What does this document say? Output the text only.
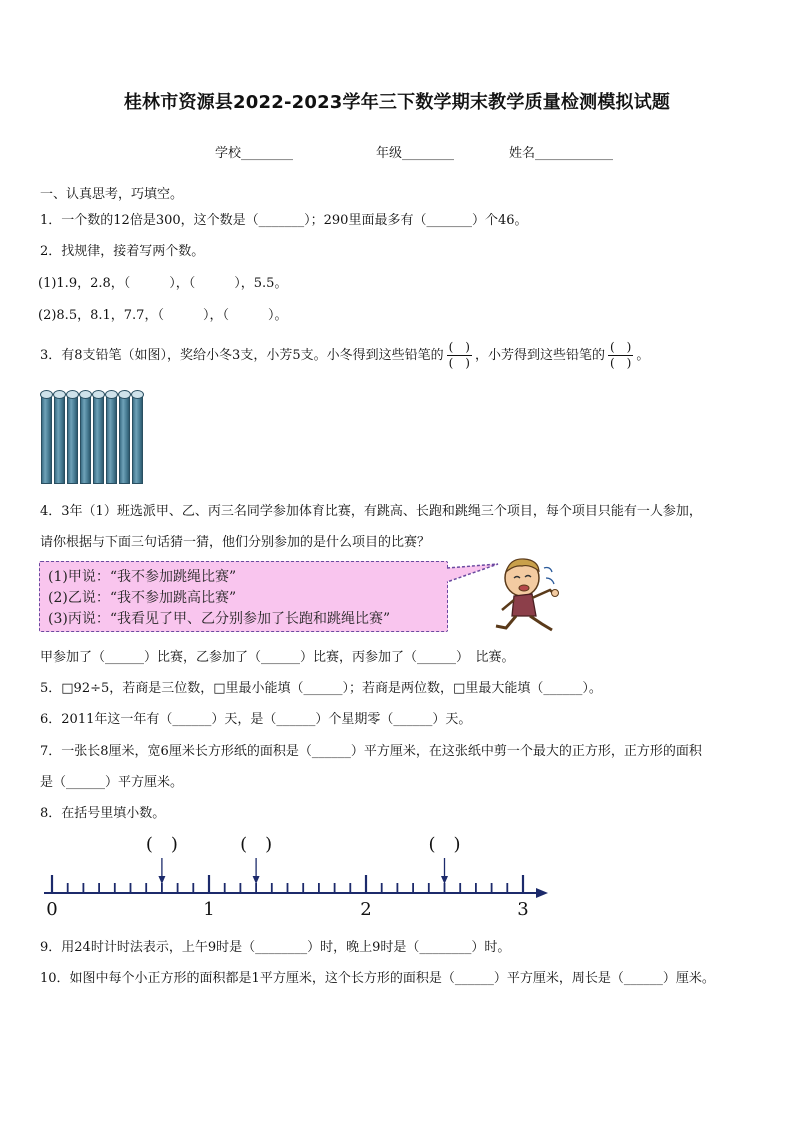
桂林市资源县2022-2023学年三下数学期末教学质量检测模拟试题
学校________	年级________	姓名____________
一、认真思考，巧填空。
1．一个数的12倍是300，这个数是（_______）；290里面最多有（_______）个46。
2．找规律，接着写两个数。
(1)1.9，2.8，（　　　），（　　　），5.5。
(2)8.5，8.1，7.7，（　　　），（　　　）。
3．有8支铅笔（如图），奖给小冬3支，小芳5支。小冬得到这些铅笔的 $\frac{( )}{( )}$ ，小芳得到这些铅笔的 $\frac{( )}{( )}$ 。
4．3年（1）班选派甲、乙、丙三名同学参加体育比赛，有跳高、长跑和跳绳三个项目，每个项目只能有一人参加，
请你根据与下面三句话猜一猜，他们分别参加的是什么项目的比赛？
(1)甲说：“我不参加跳绳比赛”
(2)乙说：“我不参加跳高比赛”
(3)丙说：“我看见了甲、乙分别参加了长跑和跳绳比赛”
甲参加了（______）比赛，乙参加了（______）比赛，丙参加了（______）　比赛。
5．□92÷5，若商是三位数，□里最小能填（______）；若商是两位数，□里最大能填（______）。
6．2011年这一年有（______）天，是（______）个星期零（______）天。
7．一张长8厘米，宽6厘米长方形纸的面积是（______）平方厘米，在这张纸中剪一个最大的正方形，正方形的面积
是（______）平方厘米。
8．在括号里填小数。
0	1	2	3
(　)	(　)	(　)
9．用24时计时法表示，上午9时是（________）时，晚上9时是（________）时。
10．如图中每个小正方形的面积都是1平方厘米，这个长方形的面积是（______）平方厘米，周长是（______）厘米。
